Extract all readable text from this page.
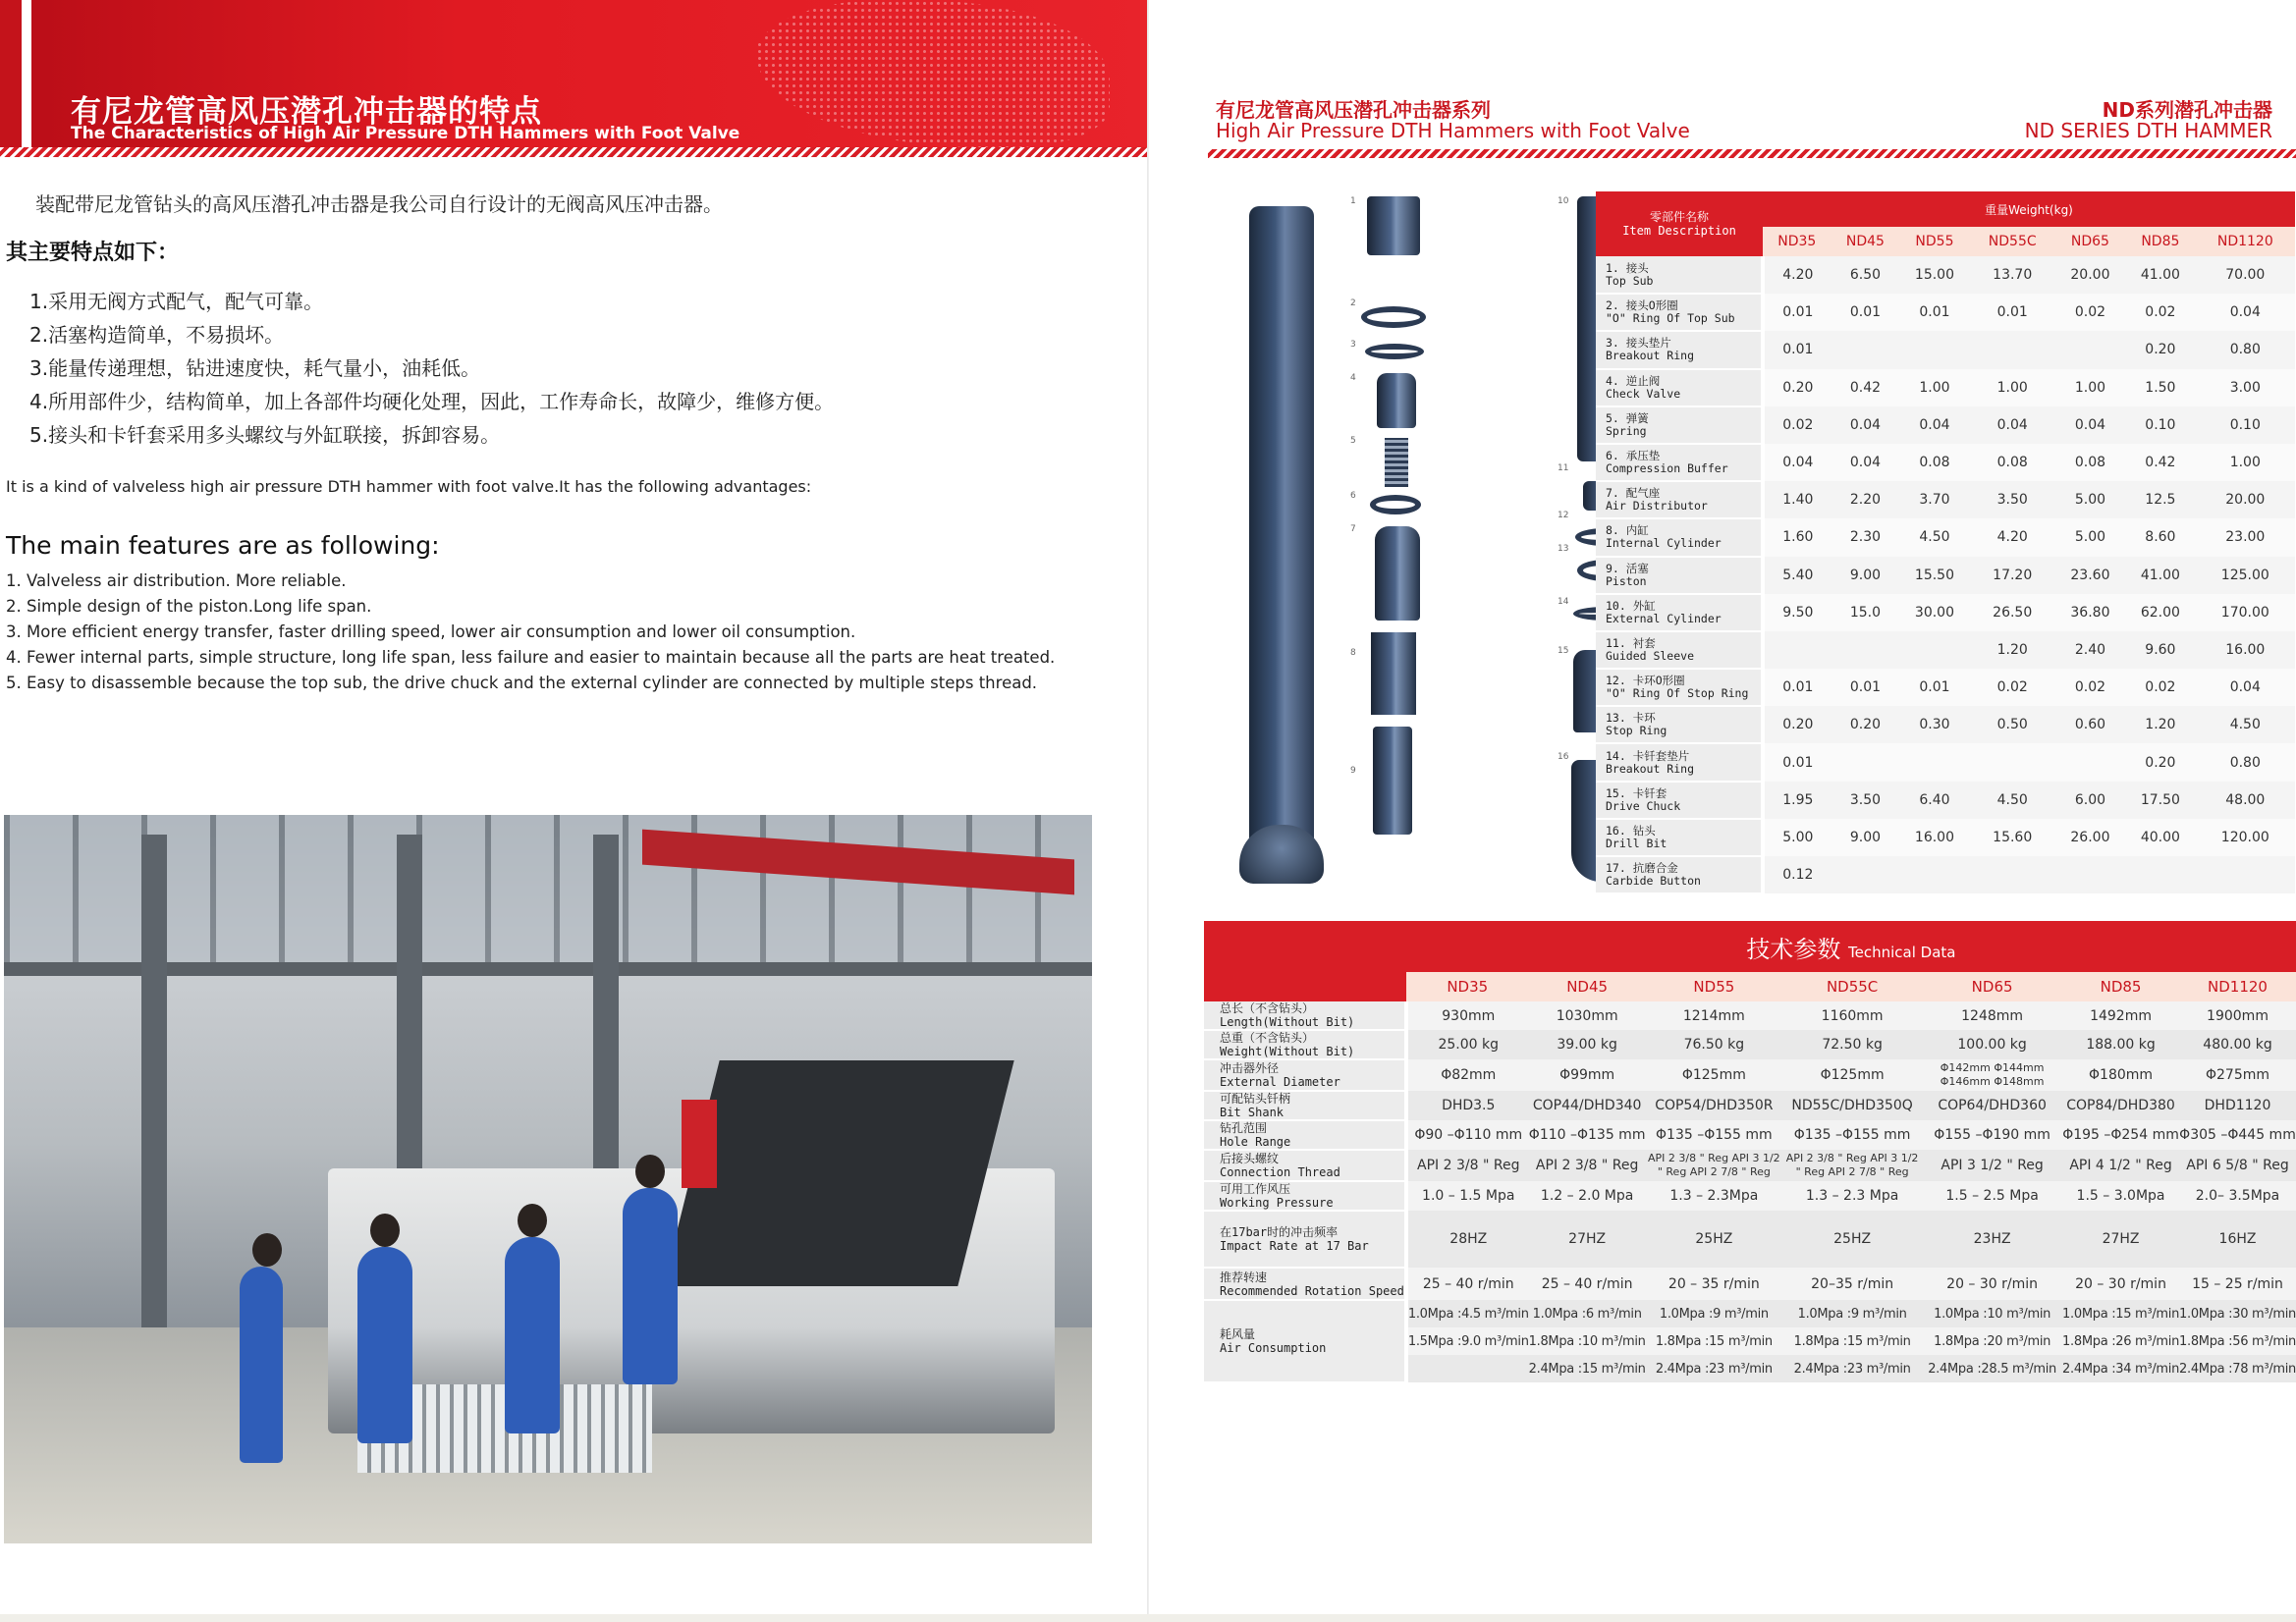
有尼龙管高风压潜孔冲击器的特点
The Characteristics of High Air Pressure DTH Hammers with Foot Valve
装配带尼龙管钻头的高风压潜孔冲击器是我公司自行设计的无阀高风压冲击器。
其主要特点如下：
1.采用无阀方式配气，配气可靠。
2.活塞构造简单，不易损坏。
3.能量传递理想，钻进速度快，耗气量小，油耗低。
4.所用部件少，结构简单，加上各部件均硬化处理，因此，工作寿命长，故障少，维修方便。
5.接头和卡钎套采用多头螺纹与外缸联接，拆卸容易。
It is a kind of valveless high air pressure DTH hammer with foot valve.It has the following advantages:
The main features are as following:
1. Valveless air distribution. More reliable.
2. Simple design of the piston.Long life span.
3. More efficient energy transfer, faster drilling speed, lower air consumption and lower oil consumption.
4. Fewer internal parts, simple structure, long life span, less failure and easier to maintain because all the parts are heat treated.
5. Easy to disassemble because the top sub, the drive chuck and the external cylinder are connected by multiple steps thread.
有尼龙管高风压潜孔冲击器系列
High Air Pressure DTH Hammers with Foot Valve
ND系列潜孔冲击器
ND SERIES DTH HAMMER
1
2
3
4
5
6
7
8
9
10
11
12
13
14
15
16
零部件名称
Item Description	重量Weight(kg)						
	ND35	ND45	ND55	ND55C	ND65	ND85	ND1120

1. 接头
Top Sub	4.20	6.50	15.00	13.70	20.00	41.00	70.00

2. 接头O形圈
"O" Ring Of Top Sub	0.01	0.01	0.01	0.01	0.02	0.02	0.04

3. 接头垫片
Breakout Ring	0.01					0.20	0.80

4. 逆止阀
Check Valve	0.20	0.42	1.00	1.00	1.00	1.50	3.00

5. 弹簧
Spring	0.02	0.04	0.04	0.04	0.04	0.10	0.10

6. 承压垫
Compression Buffer	0.04	0.04	0.08	0.08	0.08	0.42	1.00

7. 配气座
Air Distributor	1.40	2.20	3.70	3.50	5.00	12.5	20.00

8. 内缸
Internal Cylinder	1.60	2.30	4.50	4.20	5.00	8.60	23.00

9. 活塞
Piston	5.40	9.00	15.50	17.20	23.60	41.00	125.00

10. 外缸
External Cylinder	9.50	15.0	30.00	26.50	36.80	62.00	170.00

11. 衬套
Guided Sleeve				1.20	2.40	9.60	16.00

12. 卡环O形圈
"O" Ring Of Stop Ring	0.01	0.01	0.01	0.02	0.02	0.02	0.04

13. 卡环
Stop Ring	0.20	0.20	0.30	0.50	0.60	1.20	4.50

14. 卡钎套垫片
Breakout Ring	0.01					0.20	0.80

15. 卡钎套
Drive Chuck	1.95	3.50	6.40	4.50	6.00	17.50	48.00

16. 钻头
Drill Bit	5.00	9.00	16.00	15.60	26.00	40.00	120.00

17. 抗磨合金
Carbide Button	0.12						
	技术参数 Technical Data						
	ND35	ND45	ND55	ND55C	ND65	ND85	ND1120

总长（不含钻头）
Length(Without Bit)	930mm	1030mm	1214mm	1160mm	1248mm	1492mm	1900mm

总重（不含钻头）
Weight(Without Bit)	25.00 kg	39.00 kg	76.50 kg	72.50 kg	100.00 kg	188.00 kg	480.00 kg

冲击器外径
External Diameter	Φ82mm	Φ99mm	Φ125mm	Φ125mm	Φ142mm Φ144mm Φ146mm Φ148mm	Φ180mm	Φ275mm

可配钻头钎柄
Bit Shank	DHD3.5	COP44/DHD340	COP54/DHD350R	ND55C/DHD350Q	COP64/DHD360	COP84/DHD380	DHD1120

钻孔范围
Hole Range	Φ90 –Φ110 mm	Φ110 –Φ135 mm	Φ135 –Φ155 mm	Φ135 –Φ155 mm	Φ155 –Φ190 mm	Φ195 –Φ254 mm	Φ305 –Φ445 mm

后接头螺纹
Connection Thread	API 2 3/8 " Reg	API 2 3/8 " Reg	API 2 3/8 " Reg API 3 1/2 " Reg API 2 7/8 " Reg	API 2 3/8 " Reg API 3 1/2 " Reg API 2 7/8 " Reg	API 3 1/2 " Reg	API 4 1/2 " Reg	API 6 5/8 " Reg

可用工作风压
Working Pressure	1.0 – 1.5 Mpa	1.2 – 2.0 Mpa	1.3 – 2.3Mpa	1.3 – 2.3 Mpa	1.5 – 2.5 Mpa	1.5 – 3.0Mpa	2.0– 3.5Mpa

在17bar时的冲击频率
Impact Rate at 17 Bar	28HZ	27HZ	25HZ	25HZ	23HZ	27HZ	16HZ

推荐转速
Recommended Rotation Speed	25 – 40 r/min	25 – 40 r/min	20 – 35 r/min	20–35 r/min	20 – 30 r/min	20 – 30 r/min	15 – 25 r/min

耗风量
Air Consumption	1.0Mpa :4.5 m³/min	1.0Mpa :6 m³/min	1.0Mpa :9 m³/min	1.0Mpa :9 m³/min	1.0Mpa :10 m³/min	1.0Mpa :15 m³/min	1.0Mpa :30 m³/min
	1.5Mpa :9.0 m³/min	1.8Mpa :10 m³/min	1.8Mpa :15 m³/min	1.8Mpa :15 m³/min	1.8Mpa :20 m³/min	1.8Mpa :26 m³/min	1.8Mpa :56 m³/min
		2.4Mpa :15 m³/min	2.4Mpa :23 m³/min	2.4Mpa :23 m³/min	2.4Mpa :28.5 m³/min	2.4Mpa :34 m³/min	2.4Mpa :78 m³/min
